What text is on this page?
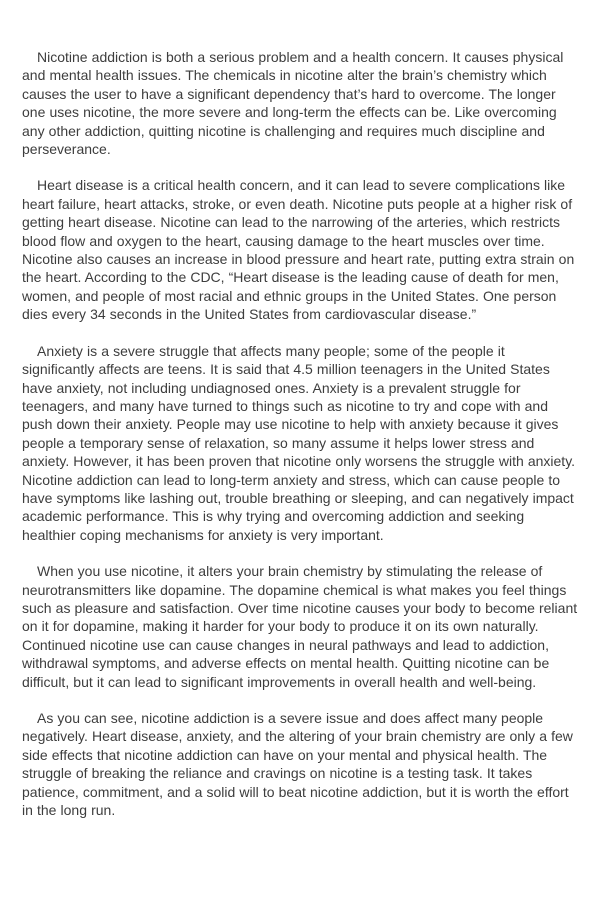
Nicotine addiction is both a serious problem and a health concern. It causes physical and mental health issues. The chemicals in nicotine alter the brain’s chemistry which causes the user to have a significant dependency that’s hard to overcome. The longer one uses nicotine, the more severe and long-term the effects can be. Like overcoming any other addiction, quitting nicotine is challenging and requires much discipline and perseverance.

Heart disease is a critical health concern, and it can lead to severe complications like heart failure, heart attacks, stroke, or even death. Nicotine puts people at a higher risk of getting heart disease. Nicotine can lead to the narrowing of the arteries, which restricts blood flow and oxygen to the heart, causing damage to the heart muscles over time. Nicotine also causes an increase in blood pressure and heart rate, putting extra strain on the heart. According to the CDC, “Heart disease is the leading cause of death for men, women, and people of most racial and ethnic groups in the United States. One person dies every 34 seconds in the United States from cardiovascular disease.”

Anxiety is a severe struggle that affects many people; some of the people it significantly affects are teens. It is said that 4.5 million teenagers in the United States have anxiety, not including undiagnosed ones. Anxiety is a prevalent struggle for teenagers, and many have turned to things such as nicotine to try and cope with and push down their anxiety. People may use nicotine to help with anxiety because it gives people a temporary sense of relaxation, so many assume it helps lower stress and anxiety. However, it has been proven that nicotine only worsens the struggle with anxiety. Nicotine addiction can lead to long-term anxiety and stress, which can cause people to have symptoms like lashing out, trouble breathing or sleeping, and can negatively impact academic performance. This is why trying and overcoming addiction and seeking healthier coping mechanisms for anxiety is very important.

When you use nicotine, it alters your brain chemistry by stimulating the release of neurotransmitters like dopamine. The dopamine chemical is what makes you feel things such as pleasure and satisfaction. Over time nicotine causes your body to become reliant on it for dopamine, making it harder for your body to produce it on its own naturally. Continued nicotine use can cause changes in neural pathways and lead to addiction, withdrawal symptoms, and adverse effects on mental health. Quitting nicotine can be difficult, but it can lead to significant improvements in overall health and well-being.

As you can see, nicotine addiction is a severe issue and does affect many people negatively. Heart disease, anxiety, and the altering of your brain chemistry are only a few side effects that nicotine addiction can have on your mental and physical health. The struggle of breaking the reliance and cravings on nicotine is a testing task. It takes patience, commitment, and a solid will to beat nicotine addiction, but it is worth the effort in the long run.
